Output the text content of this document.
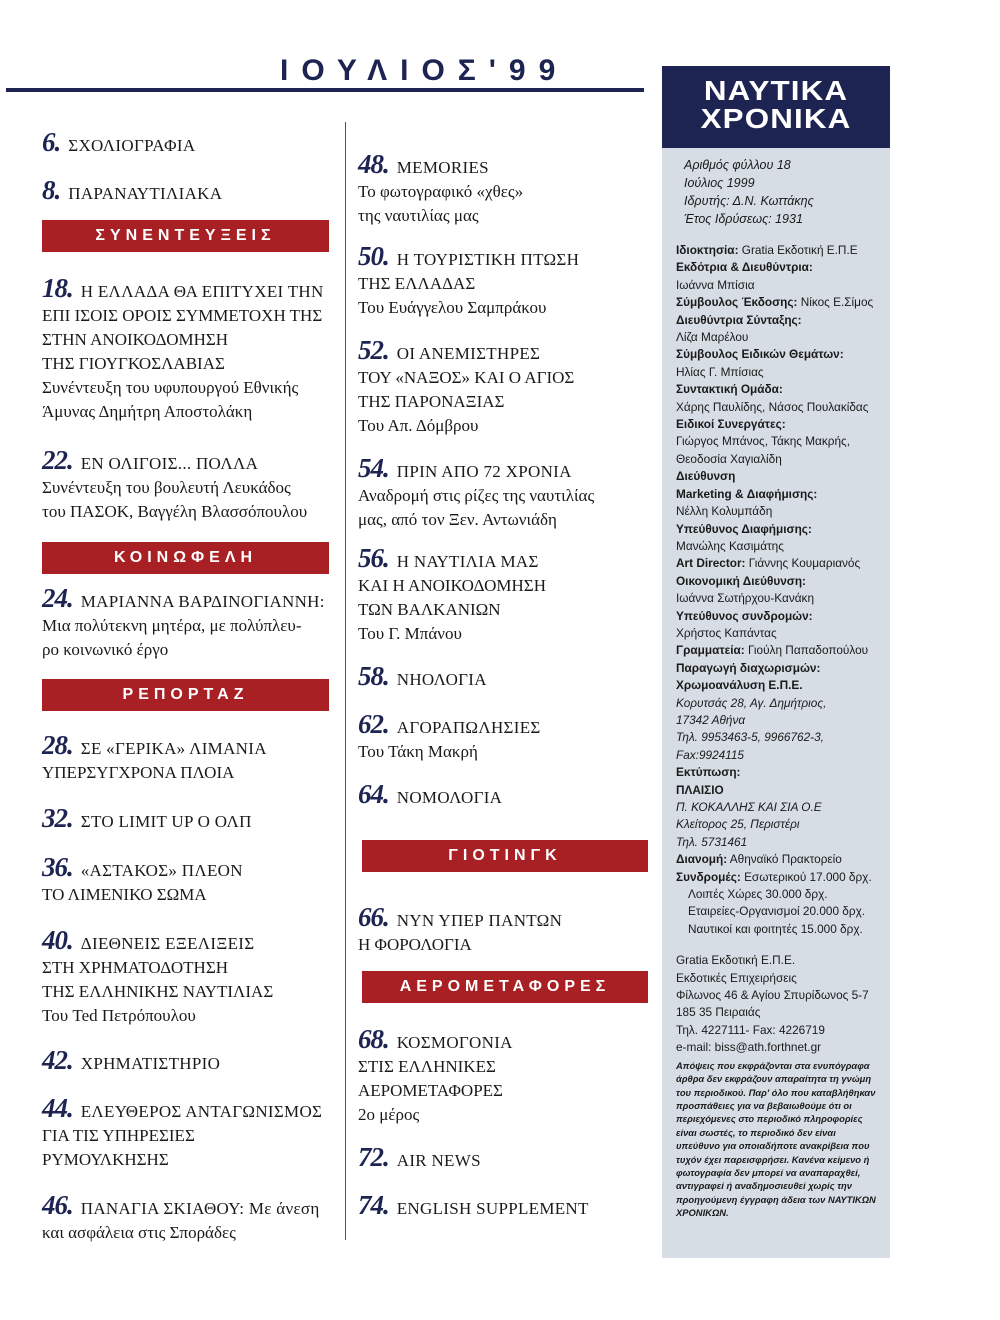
ΙΟΥΛΙΟΣ'99
ΣΥΝΕΝΤΕΥΞΕΙΣ
ΚΟΙΝΩΦΕΛΗ
ΡΕΠΟΡΤΑΖ
ΓΙΟΤΙΝΓΚ
ΑΕΡΟΜΕΤΑΦΟΡΕΣ
6. ΣΧΟΛΙΟΓΡΑΦΙΑ
8. ΠΑΡΑΝΑΥΤΙΛΙΑΚΑ
18. Η ΕΛΛΑΔΑ ΘΑ ΕΠΙΤΥΧΕΙ ΤΗΝ
ΕΠΙ ΙΣΟΙΣ ΟΡΟΙΣ ΣΥΜΜΕΤΟΧΗ ΤΗΣ
ΣΤΗΝ ΑΝΟΙΚΟΔΟΜΗΣΗ
ΤΗΣ ΓΙΟΥΓΚΟΣΛΑΒΙΑΣ
Συνέντευξη του υφυπουργού Εθνικής
Άμυνας Δημήτρη Αποστολάκη
22. ΕΝ ΟΛΙΓΟΙΣ... ΠΟΛΛΑ
Συνέντευξη του βουλευτή Λευκάδος
του ΠΑΣΟΚ, Βαγγέλη Βλασσόπουλου
24. ΜΑΡΙΑΝΝΑ ΒΑΡΔΙΝΟΓΙΑΝΝΗ:
Μια πολύτεκνη μητέρα, με πολύπλευ-
ρο κοινωνικό έργο
28. ΣΕ «ΓΕΡΙΚΑ» ΛΙΜΑΝΙΑ
ΥΠΕΡΣΥΓΧΡΟΝΑ ΠΛΟΙΑ
32. ΣΤΟ LIMIT UP Ο ΟΛΠ
36. «ΑΣΤΑΚΟΣ» ΠΛΕΟΝ
ΤΟ ΛΙΜΕΝΙΚΟ ΣΩΜΑ
40. ΔΙΕΘΝΕΙΣ ΕΞΕΛΙΞΕΙΣ
ΣΤΗ ΧΡΗΜΑΤΟΔΟΤΗΣΗ
ΤΗΣ ΕΛΛΗΝΙΚΗΣ ΝΑΥΤΙΛΙΑΣ
Του Ted Πετρόπουλου
42. ΧΡΗΜΑΤΙΣΤΗΡΙΟ
44. ΕΛΕΥΘΕΡΟΣ ΑΝΤΑΓΩΝΙΣΜΟΣ
ΓΙΑ ΤΙΣ ΥΠΗΡΕΣΙΕΣ
ΡΥΜΟΥΛΚΗΣΗΣ
46. ΠΑΝΑΓΙΑ ΣΚΙΑΘΟΥ: Με άνεση
και ασφάλεια στις Σποράδες
48. MEMORIES
Το φωτογραφικό «χθες»
της ναυτιλίας μας
50. Η ΤΟΥΡΙΣΤΙΚΗ ΠΤΩΣΗ
ΤΗΣ ΕΛΛΑΔΑΣ
Του Ευάγγελου Σαμπράκου
52. ΟΙ ΑΝΕΜΙΣΤΗΡΕΣ
ΤΟΥ «ΝΑΞΟΣ» ΚΑΙ Ο ΑΓΙΟΣ
ΤΗΣ ΠΑΡΟΝΑΞΙΑΣ
Του Απ. Δόμβρου
54. ΠΡΙΝ ΑΠΟ 72 ΧΡΟΝΙΑ
Αναδρομή στις ρίζες της ναυτιλίας
μας, από τον Ξεν. Αντωνιάδη
56. Η ΝΑΥΤΙΛΙΑ ΜΑΣ
ΚΑΙ Η ΑΝΟΙΚΟΔΟΜΗΣΗ
ΤΩΝ ΒΑΛΚΑΝΙΩΝ
Του Γ. Μπάνου
58. ΝΗΟΛΟΓΙΑ
62. ΑΓΟΡΑΠΩΛΗΣΙΕΣ
Του Τάκη Μακρή
64. ΝΟΜΟΛΟΓΙΑ
66. ΝΥΝ ΥΠΕΡ ΠΑΝΤΩΝ
Η ΦΟΡΟΛΟΓΙΑ
68. ΚΟΣΜΟΓΟΝΙΑ
ΣΤΙΣ ΕΛΛΗΝΙΚΕΣ
ΑΕΡΟΜΕΤΑΦΟΡΕΣ
2ο μέρος
72. AIR NEWS
74. ENGLISH SUPPLEMENT
ΝΑΥΤΙΚΑ
ΧΡΟΝΙΚΑ
Αριθμός φύλλου 18
Ιούλιος 1999
Ιδρυτής: Δ.Ν. Κωττάκης
Έτος Ιδρύσεως: 1931
Ιδιοκτησία: Gratia Εκδοτική Ε.Π.Ε
Εκδότρια & Διευθύντρια:
Ιωάννα Μπίσια
Σύμβουλος Έκδοσης: Νίκος Ε.Σίμος
Διευθύντρια Σύνταξης:
Λίζα Μαρέλου
Σύμβουλος Ειδικών Θεμάτων:
Ηλίας Γ. Μπίσιας
Συντακτική Ομάδα:
Χάρης Παυλίδης, Νάσος Πουλακίδας
Ειδικοί Συνεργάτες:
Γιώργος Μπάνος, Τάκης Μακρής,
Θεοδοσία Χαγιαλίδη
Διεύθυνση
Marketing & Διαφήμισης:
Νέλλη Κολυμπάδη
Υπεύθυνος Διαφήμισης:
Μανώλης Κασιμάτης
Art Director: Γιάννης Κουμαριανός
Οικονομική Διεύθυνση:
Ιωάννα Σωτήρχου-Κανάκη
Υπεύθυνος συνδρομών:
Χρήστος Καπάντας
Γραμματεία: Γιούλη Παπαδοπούλου
Παραγωγή διαχωρισμών:
Χρωμοανάλυση Ε.Π.Ε.
Κορυτσάς 28, Αγ. Δημήτριος,
17342 Αθήνα
Τηλ. 9953463-5, 9966762-3,
Fax:9924115
Εκτύπωση:
ΠΛΑΙΣΙΟ
Π. ΚΟΚΑΛΛΗΣ ΚΑΙ ΣΙΑ Ο.Ε
Κλείτορος 25, Περιστέρι
Τηλ. 5731461
Διανομή: Αθηναϊκό Πρακτορείο
Συνδρομές: Εσωτερικού 17.000 δρχ.
Λοιπές Χώρες 30.000 δρχ.
Εταιρείες-Οργανισμοί 20.000 δρχ.
Ναυτικοί και φοιτητές 15.000 δρχ.
Gratia Εκδοτική Ε.Π.Ε.
Εκδοτικές Επιχειρήσεις
Φίλωνος 46 & Αγίου Σπυρίδωνος 5-7
185 35 Πειραιάς
Τηλ. 4227111- Fax: 4226719
e-mail: biss@ath.forthnet.gr
Απόψεις που εκφράζονται στα ενυπόγραφα άρθρα δεν εκφράζουν απαραίτητα τη γνώμη του περιοδικού. Παρ' όλο που καταβλήθηκαν προσπάθειες για να βεβαιωθούμε ότι οι περιεχόμενες στο περιοδικό πληροφορίες είναι σωστές, το περιοδικό δεν είναι υπεύθυνο για οποιαδήποτε ανακρίβεια που τυχόν έχει παρεισφρήσει. Κανένα κείμενο ή φωτογραφία δεν μπορεί να αναπαραχθεί, αντιγραφεί ή αναδημοσιευθεί χωρίς την προηγούμενη έγγραφη άδεια των ΝΑΥΤΙΚΩΝ ΧΡΟΝΙΚΩΝ.
